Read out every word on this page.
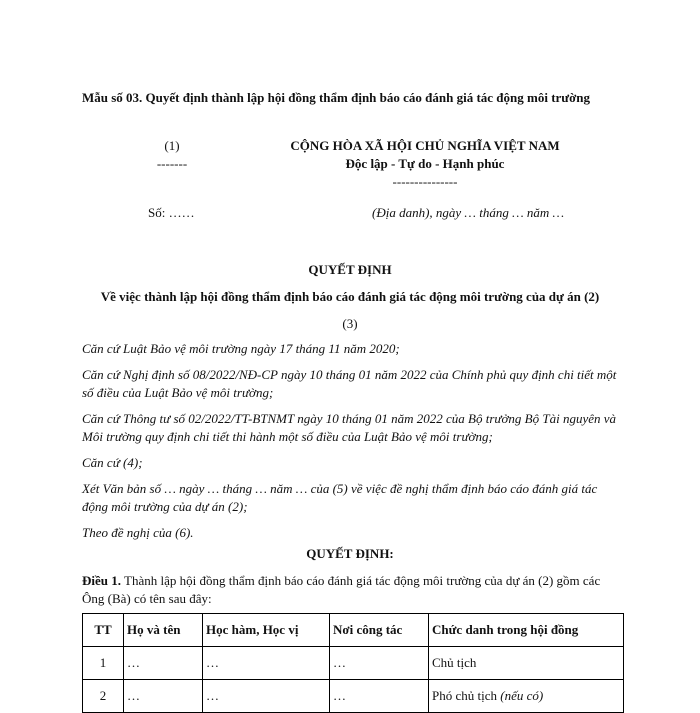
Mẫu số 03. Quyết định thành lập hội đồng thẩm định báo cáo đánh giá tác động môi trường
(1)
-------
CỘNG HÒA XÃ HỘI CHỦ NGHĨA VIỆT NAM
Độc lập - Tự do - Hạnh phúc
---------------
Số: ……	(Địa danh), ngày … tháng … năm …
QUYẾT ĐỊNH
Về việc thành lập hội đồng thẩm định báo cáo đánh giá tác động môi trường của dự án (2)
(3)

Căn cứ Luật Bảo vệ môi trường ngày 17 tháng 11 năm 2020;

Căn cứ Nghị định số 08/2022/NĐ-CP ngày 10 tháng 01 năm 2022 của Chính phủ quy định chi tiết một số điều của Luật Bảo vệ môi trường;

Căn cứ Thông tư số 02/2022/TT-BTNMT ngày 10 tháng 01 năm 2022 của Bộ trưởng Bộ Tài nguyên và Môi trường quy định chi tiết thi hành một số điều của Luật Bảo vệ môi trường;

Căn cứ (4);

Xét Văn bản số … ngày … tháng … năm … của (5) về việc đề nghị thẩm định báo cáo đánh giá tác động môi trường của dự án (2);

Theo đề nghị của (6).

QUYẾT ĐỊNH:
Điều 1. Thành lập hội đồng thẩm định báo cáo đánh giá tác động môi trường của dự án (2) gồm các Ông (Bà) có tên sau đây:
TT	Họ và tên	Học hàm, Học vị	Nơi công tác	Chức danh trong hội đồng
1	…	…	…	Chủ tịch
2	…	…	…	Phó chủ tịch (nếu có)
